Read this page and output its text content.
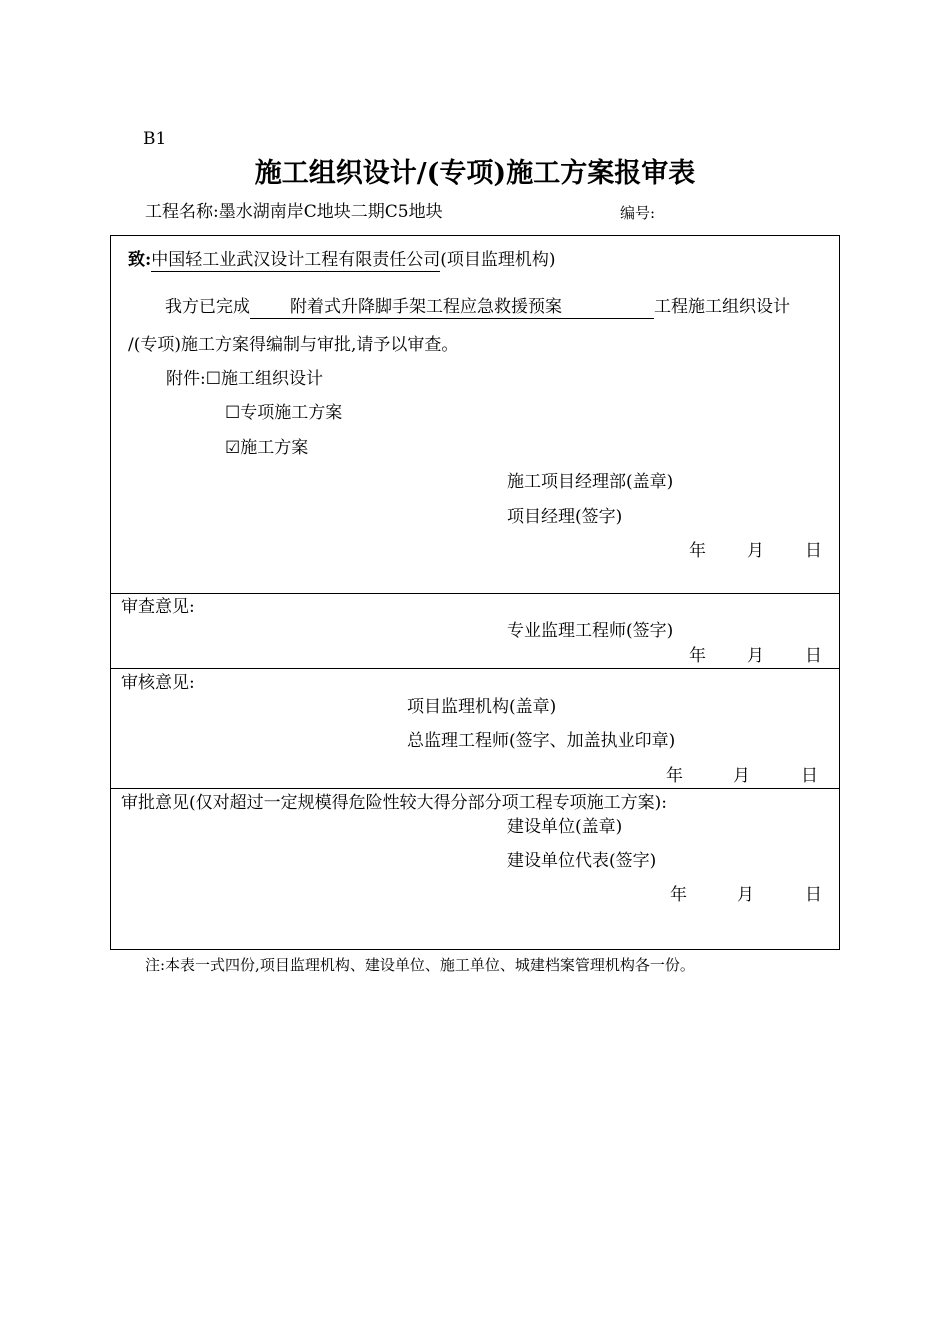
B1
施工组织设计/(专项)施工方案报审表
工程名称:墨水湖南岸C地块二期C5地块	编号:
致:中国轻工业武汉设计工程有限责任公司(项目监理机构)
我方已完成 附着式升降脚手架工程应急救援预案	工程施工组织设计
/(专项)施工方案得编制与审批,请予以审查。
附件:☐施工组织设计
☐专项施工方案
☑施工方案
施工项目经理部(盖章)
项目经理(签字)
年 月 日
审查意见:
专业监理工程师(签字)
年 月 日
审核意见:
项目监理机构(盖章)
总监理工程师(签字、加盖执业印章)
年	月	日
审批意见(仅对超过一定规模得危险性较大得分部分项工程专项施工方案):
建设单位(盖章)
建设单位代表(签字)
年	月	日
注:本表一式四份,项目监理机构、建设单位、施工单位、城建档案管理机构各一份。
